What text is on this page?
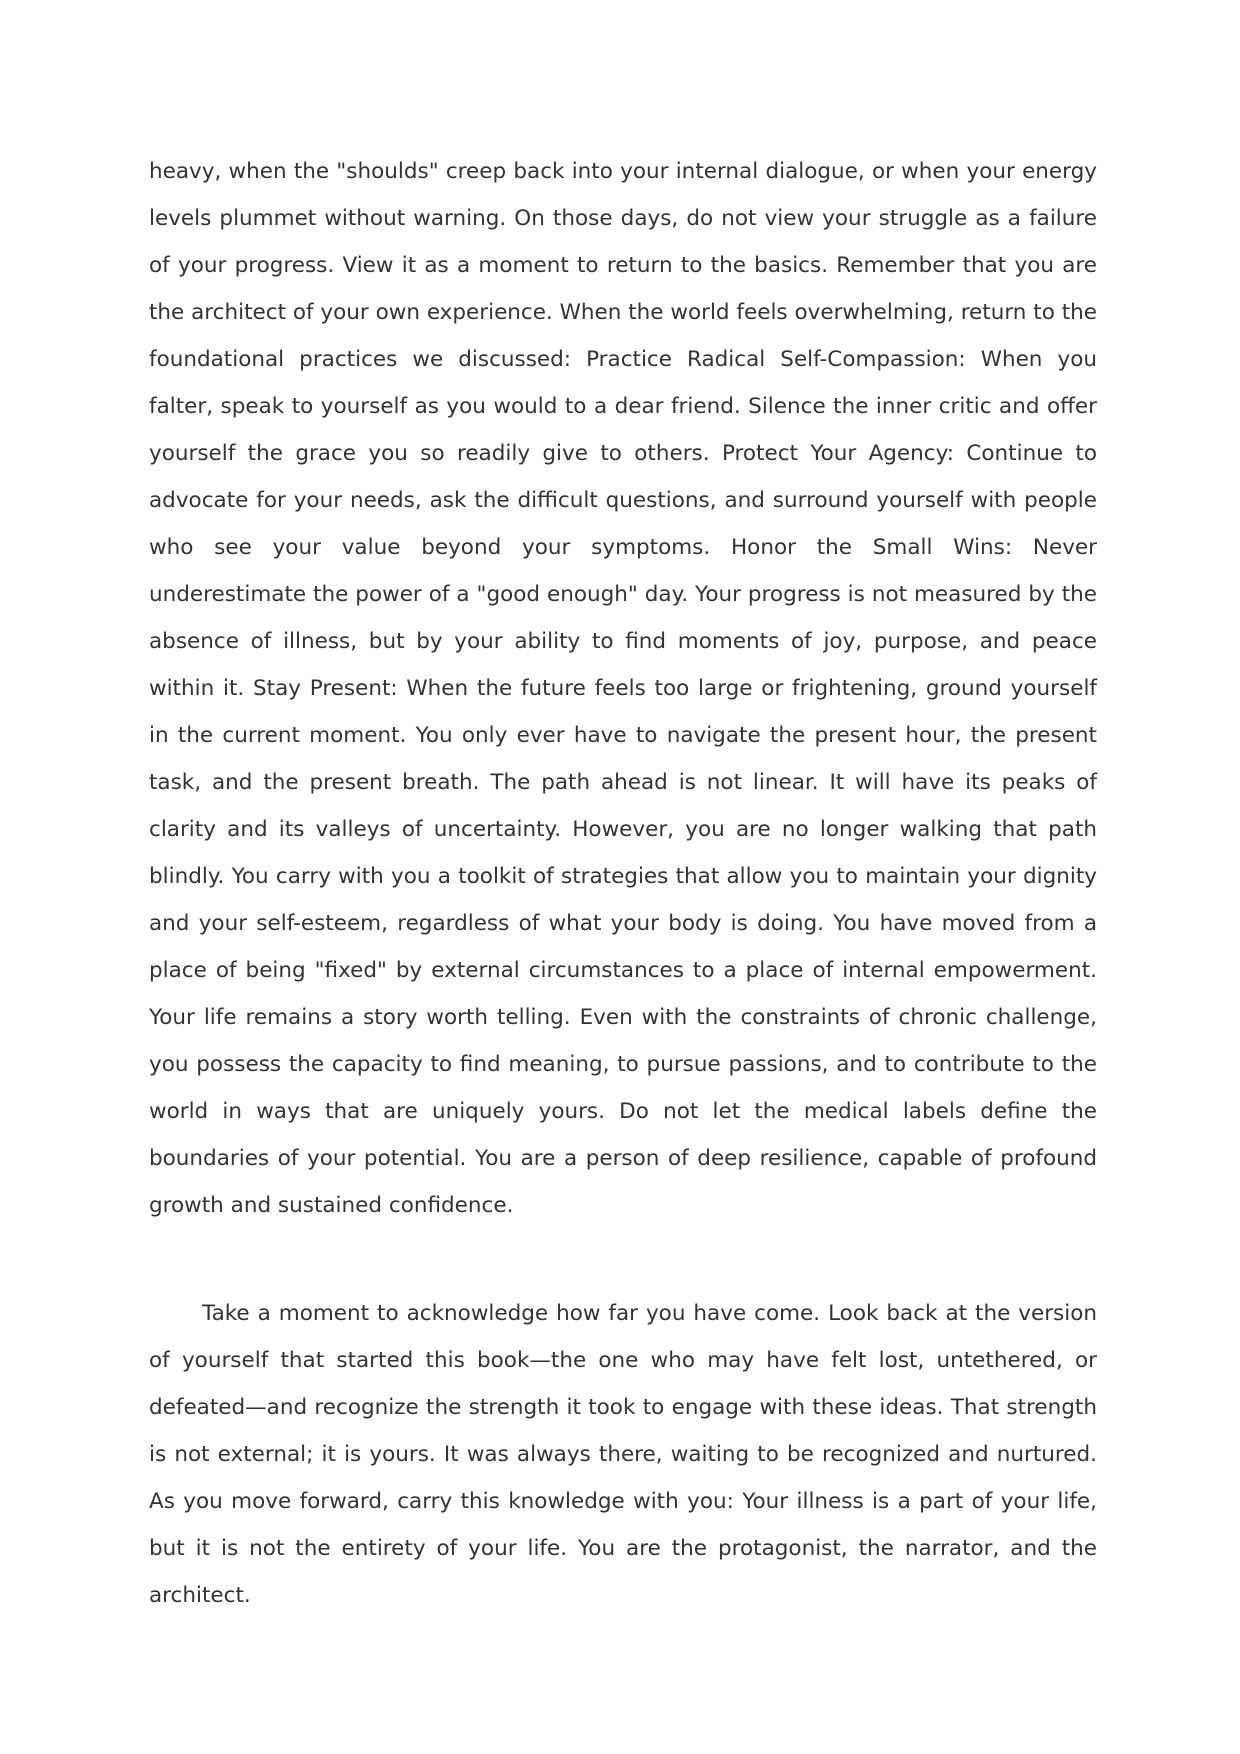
heavy, when the "shoulds" creep back into your internal dialogue, or when your energy levels plummet without warning. On those days, do not view your struggle as a failure of your progress. View it as a moment to return to the basics. Remember that you are the architect of your own experience. When the world feels overwhelming, return to the foundational practices we discussed: Practice Radical Self-Compassion: When you falter, speak to yourself as you would to a dear friend. Silence the inner critic and offer yourself the grace you so readily give to others. Protect Your Agency: Continue to advocate for your needs, ask the difficult questions, and surround yourself with people who see your value beyond your symptoms. Honor the Small Wins: Never underestimate the power of a "good enough" day. Your progress is not measured by the absence of illness, but by your ability to find moments of joy, purpose, and peace within it. Stay Present: When the future feels too large or frightening, ground yourself in the current moment. You only ever have to navigate the present hour, the present task, and the present breath. The path ahead is not linear. It will have its peaks of clarity and its valleys of uncertainty. However, you are no longer walking that path blindly. You carry with you a toolkit of strategies that allow you to maintain your dignity and your self-esteem, regardless of what your body is doing. You have moved from a place of being "fixed" by external circumstances to a place of internal empowerment. Your life remains a story worth telling. Even with the constraints of chronic challenge, you possess the capacity to find meaning, to pursue passions, and to contribute to the world in ways that are uniquely yours. Do not let the medical labels define the boundaries of your potential. You are a person of deep resilience, capable of profound growth and sustained confidence.

Take a moment to acknowledge how far you have come. Look back at the version of yourself that started this book—the one who may have felt lost, untethered, or defeated—and recognize the strength it took to engage with these ideas. That strength is not external; it is yours. It was always there, waiting to be recognized and nurtured. As you move forward, carry this knowledge with you: Your illness is a part of your life, but it is not the entirety of your life. You are the protagonist, the narrator, and the architect.
